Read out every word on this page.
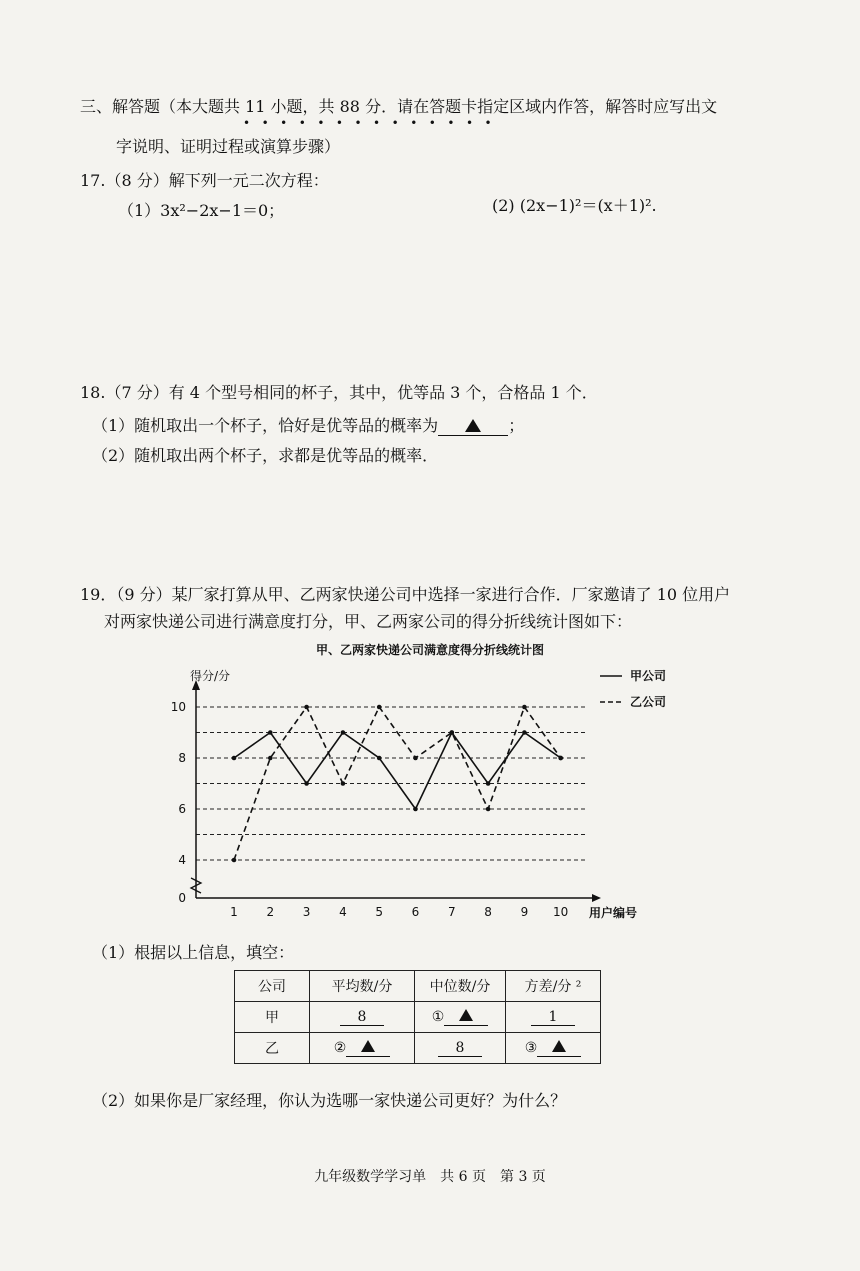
三、解答题（本大题共 11 小题，共 88 分．请在答题卡指定区域内作答，解答时应写出文
••••••••••••••
字说明、证明过程或演算步骤）
17.（8 分）解下列一元二次方程：
（1）3x²−2x−1＝0；	(2) (2x−1)²＝(x＋1)².
18.（7 分）有 4 个型号相同的杯子，其中，优等品 3 个，合格品 1 个．
（1）随机取出一个杯子，恰好是优等品的概率为	；
（2）随机取出两个杯子，求都是优等品的概率．
19．（9 分）某厂家打算从甲、乙两家快递公司中选择一家进行合作．厂家邀请了 10 位用户
对两家快递公司进行满意度打分，甲、乙两家公司的得分折线统计图如下：
甲、乙两家快递公司满意度得分折线统计图
得分/分
用户编号
0
4
6
8
10
1 2 3 4 5 6 7 8 9 10
甲公司
乙公司
（1）根据以上信息，填空：
公司	平均数/分	中位数/分	方差/分 ²
甲	8	①	1
乙	②	8	③
（2）如果你是厂家经理，你认为选哪一家快递公司更好？为什么？
九年级数学学习单　共 6 页　第 3 页
